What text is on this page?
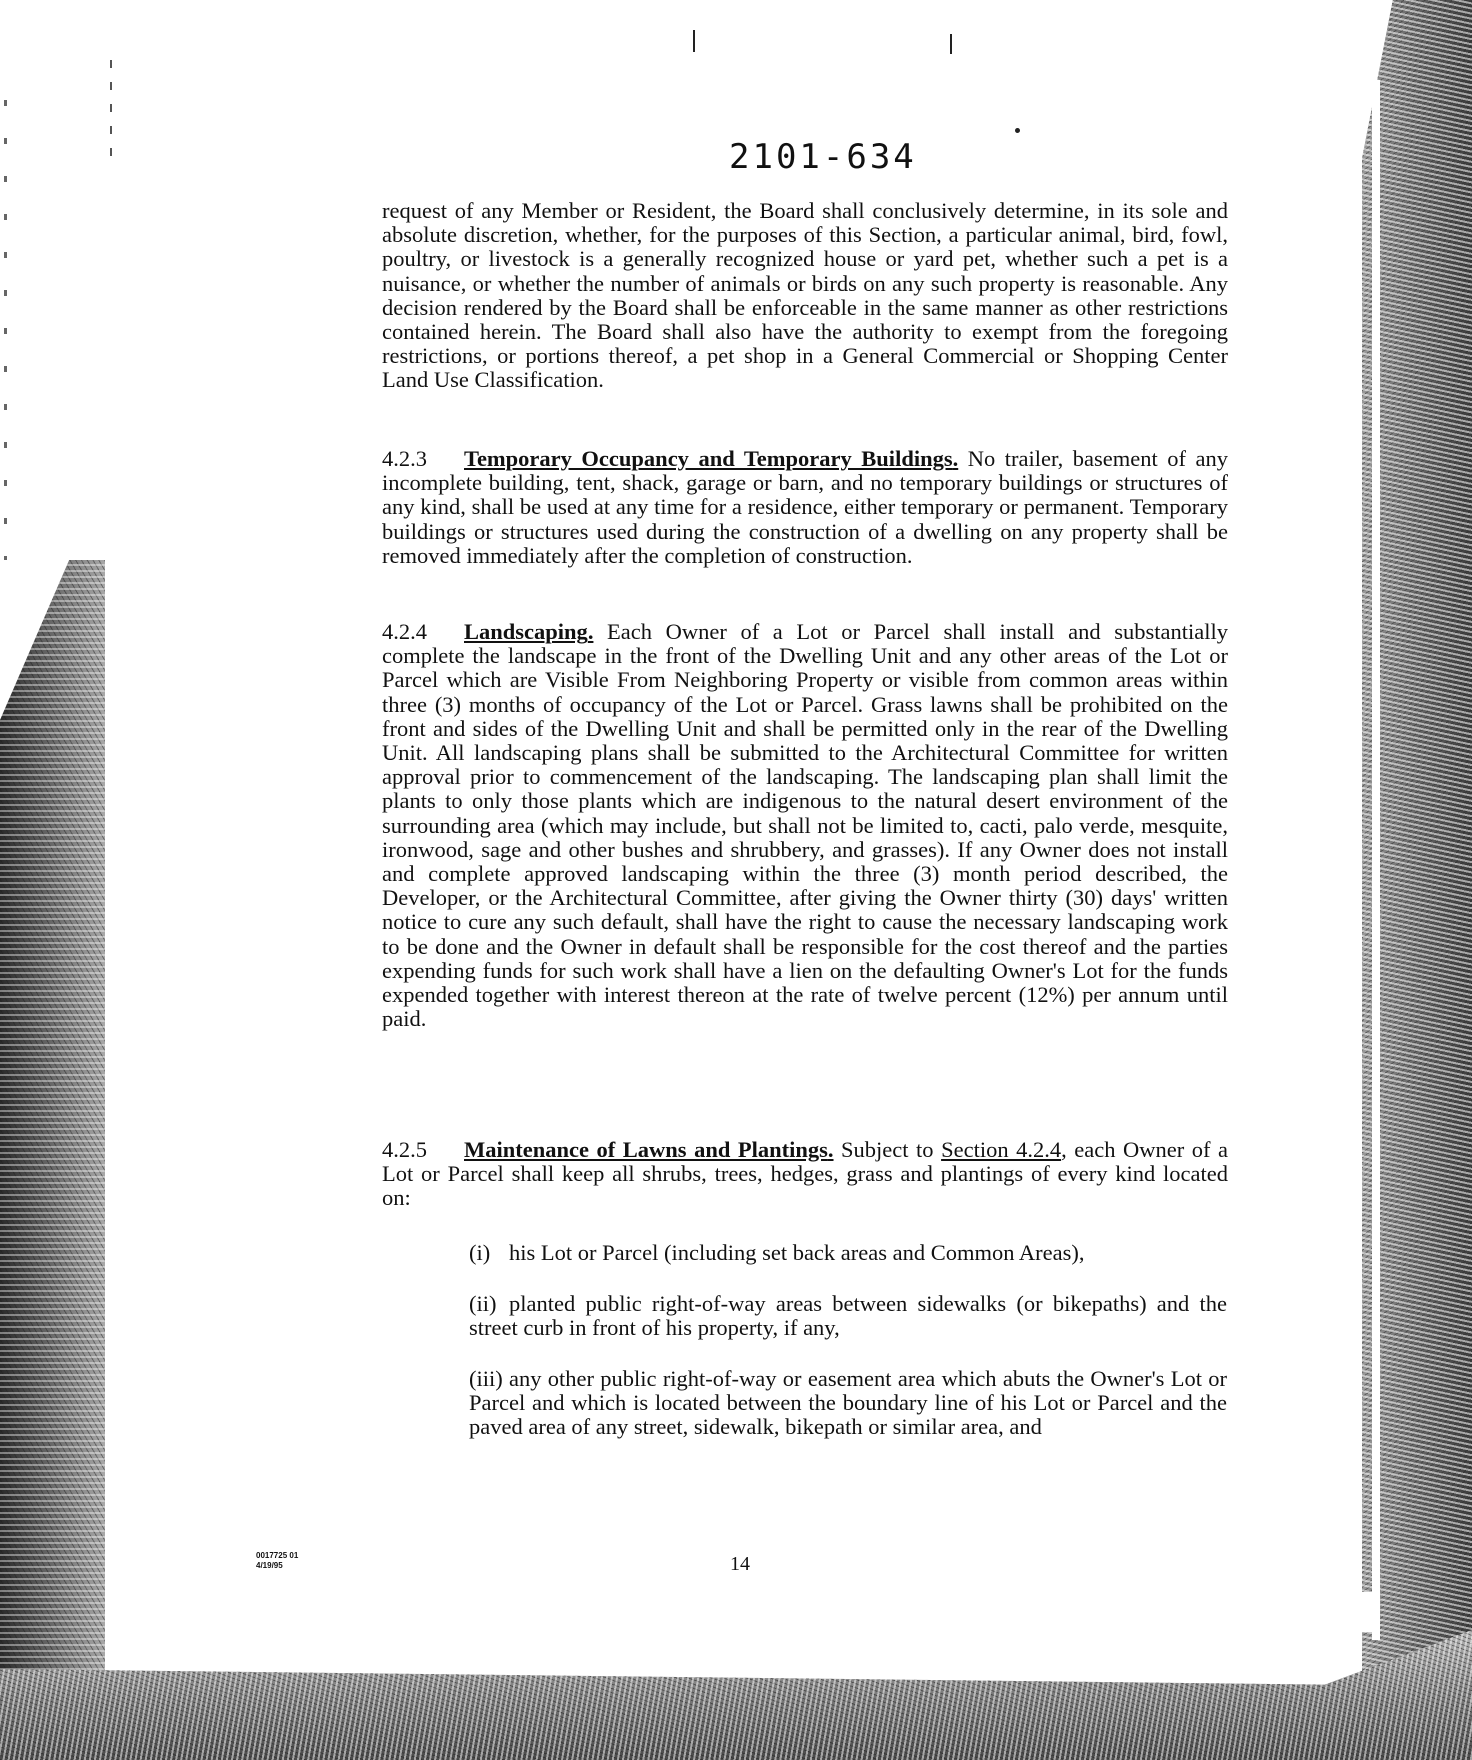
2101-634
request of any Member or Resident, the Board shall conclusively determine, in its sole and absolute discretion, whether, for the purposes of this Section, a particular animal, bird, fowl, poultry, or livestock is a generally recognized house or yard pet, whether such a pet is a nuisance, or whether the number of animals or birds on any such property is reasonable. Any decision rendered by the Board shall be enforceable in the same manner as other restrictions contained herein. The Board shall also have the authority to exempt from the foregoing restrictions, or portions thereof, a pet shop in a General Commercial or Shopping Center Land Use Classification.
4.2.3 Temporary Occupancy and Temporary Buildings. No trailer, basement of any incomplete building, tent, shack, garage or barn, and no temporary buildings or structures of any kind, shall be used at any time for a residence, either temporary or permanent. Temporary buildings or structures used during the construction of a dwelling on any property shall be removed immediately after the completion of construction.
4.2.4 Landscaping. Each Owner of a Lot or Parcel shall install and substantially complete the landscape in the front of the Dwelling Unit and any other areas of the Lot or Parcel which are Visible From Neighboring Property or visible from common areas within three (3) months of occupancy of the Lot or Parcel. Grass lawns shall be prohibited on the front and sides of the Dwelling Unit and shall be permitted only in the rear of the Dwelling Unit. All landscaping plans shall be submitted to the Architectural Committee for written approval prior to commencement of the landscaping. The landscaping plan shall limit the plants to only those plants which are indigenous to the natural desert environment of the surrounding area (which may include, but shall not be limited to, cacti, palo verde, mesquite, ironwood, sage and other bushes and shrubbery, and grasses). If any Owner does not install and complete approved landscaping within the three (3) month period described, the Developer, or the Architectural Committee, after giving the Owner thirty (30) days' written notice to cure any such default, shall have the right to cause the necessary landscaping work to be done and the Owner in default shall be responsible for the cost thereof and the parties expending funds for such work shall have a lien on the defaulting Owner's Lot for the funds expended together with interest thereon at the rate of twelve percent (12%) per annum until paid.
4.2.5 Maintenance of Lawns and Plantings. Subject to Section 4.2.4, each Owner of a Lot or Parcel shall keep all shrubs, trees, hedges, grass and plantings of every kind located on:
(i) his Lot or Parcel (including set back areas and Common Areas),
(ii) planted public right-of-way areas between sidewalks (or bikepaths) and the street curb in front of his property, if any,
(iii) any other public right-of-way or easement area which abuts the Owner's Lot or Parcel and which is located between the boundary line of his Lot or Parcel and the paved area of any street, sidewalk, bikepath or similar area, and
0017725 01
4/19/95	14
